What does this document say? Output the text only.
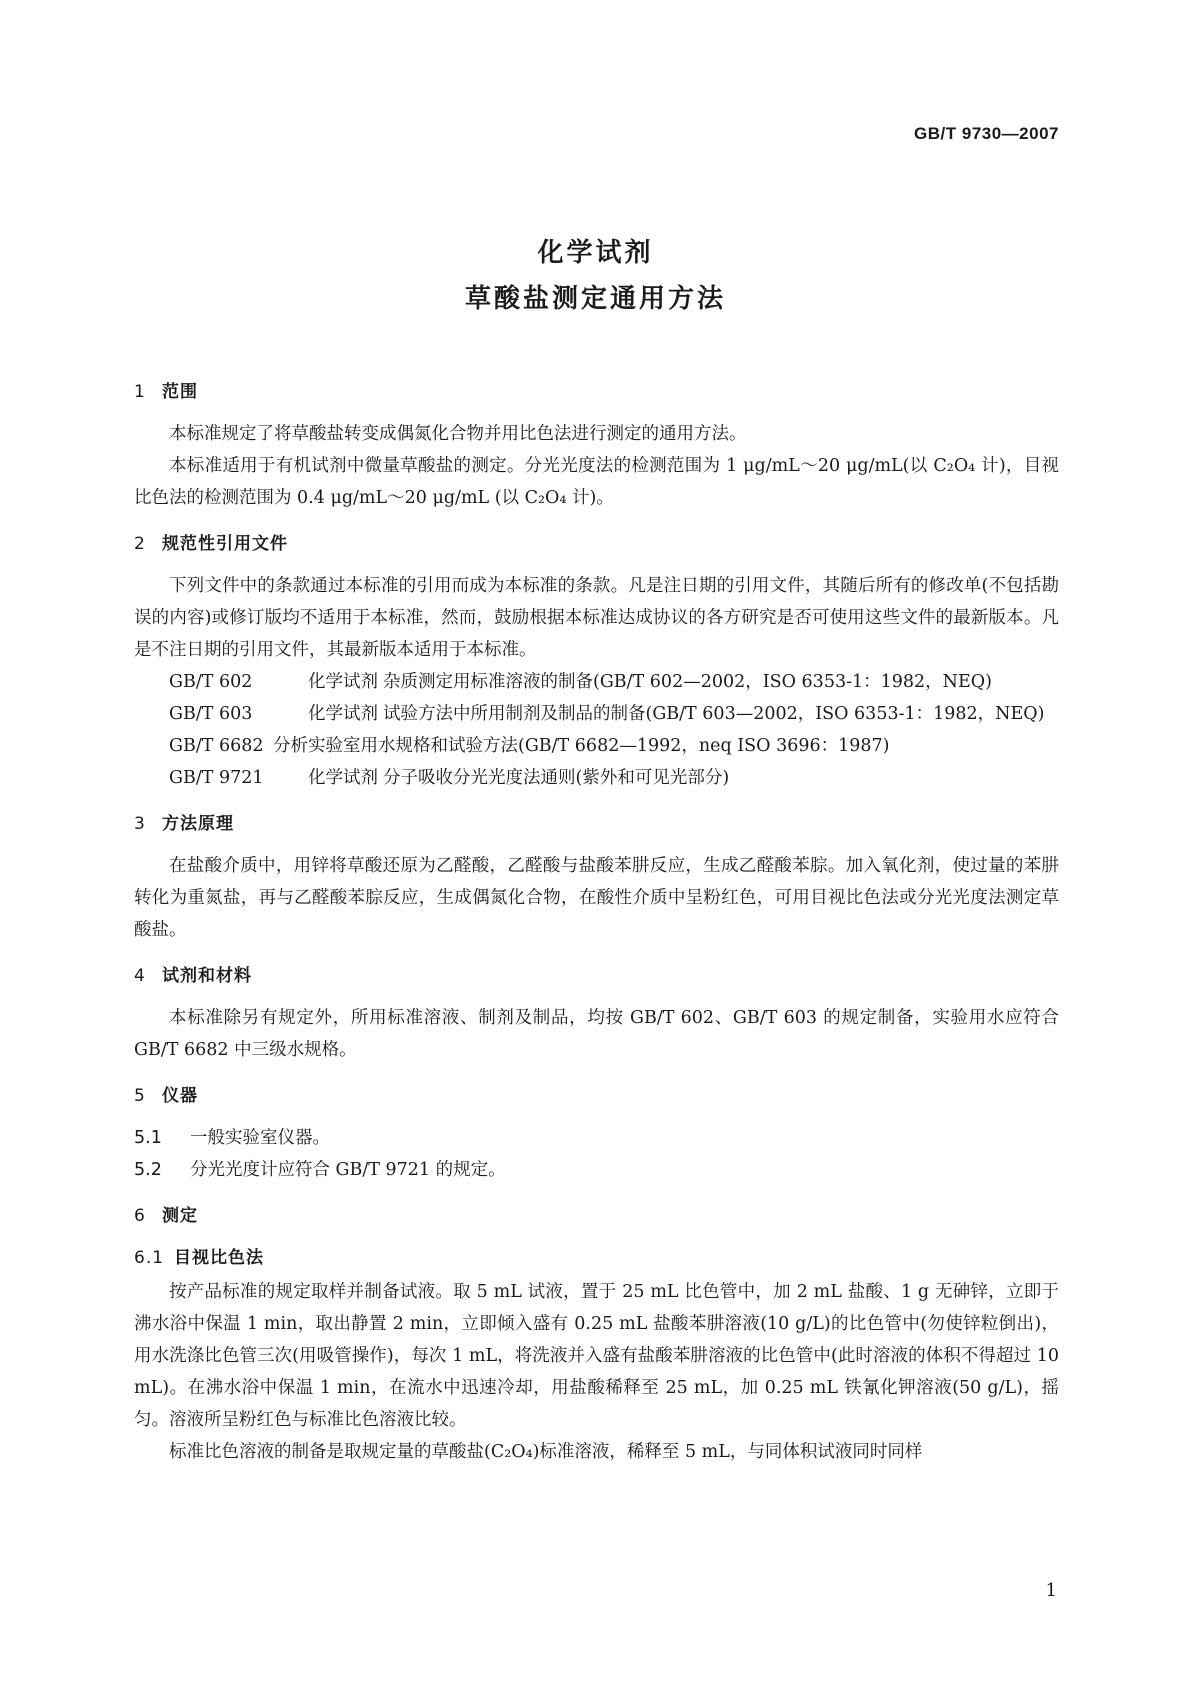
GB/T 9730—2007
化学试剂
草酸盐测定通用方法
1 范围

本标准规定了将草酸盐转变成偶氮化合物并用比色法进行测定的通用方法。

本标准适用于有机试剂中微量草酸盐的测定。分光光度法的检测范围为 1 μg/mL～20 μg/mL(以 C₂O₄ 计)，目视比色法的检测范围为 0.4 μg/mL～20 μg/mL (以 C₂O₄ 计)。

2 规范性引用文件

下列文件中的条款通过本标准的引用而成为本标准的条款。凡是注日期的引用文件，其随后所有的修改单(不包括勘误的内容)或修订版均不适用于本标准，然而，鼓励根据本标准达成协议的各方研究是否可使用这些文件的最新版本。凡是不注日期的引用文件，其最新版本适用于本标准。

GB/T 602	化学试剂 杂质测定用标准溶液的制备(GB/T 602—2002，ISO 6353-1：1982，NEQ)

GB/T 603	化学试剂 试验方法中所用制剂及制品的制备(GB/T 603—2002，ISO 6353-1：1982，NEQ)

GB/T 6682 分析实验室用水规格和试验方法(GB/T 6682—1992，neq ISO 3696：1987)

GB/T 9721	化学试剂 分子吸收分光光度法通则(紫外和可见光部分)

3 方法原理

在盐酸介质中，用锌将草酸还原为乙醛酸，乙醛酸与盐酸苯肼反应，生成乙醛酸苯腙。加入氧化剂，使过量的苯肼转化为重氮盐，再与乙醛酸苯腙反应，生成偶氮化合物，在酸性介质中呈粉红色，可用目视比色法或分光光度法测定草酸盐。

4 试剂和材料

本标准除另有规定外，所用标准溶液、制剂及制品，均按 GB/T 602、GB/T 603 的规定制备，实验用水应符合 GB/T 6682 中三级水规格。

5 仪器

5.1 一般实验室仪器。

5.2 分光光度计应符合 GB/T 9721 的规定。

6 测定
6.1 目视比色法

按产品标准的规定取样并制备试液。取 5 mL 试液，置于 25 mL 比色管中，加 2 mL 盐酸、1 g 无砷锌，立即于沸水浴中保温 1 min，取出静置 2 min，立即倾入盛有 0.25 mL 盐酸苯肼溶液(10 g/L)的比色管中(勿使锌粒倒出)，用水洗涤比色管三次(用吸管操作)，每次 1 mL，将洗液并入盛有盐酸苯肼溶液的比色管中(此时溶液的体积不得超过 10 mL)。在沸水浴中保温 1 min，在流水中迅速冷却，用盐酸稀释至 25 mL，加 0.25 mL 铁氰化钾溶液(50 g/L)，摇匀。溶液所呈粉红色与标准比色溶液比较。

标准比色溶液的制备是取规定量的草酸盐(C₂O₄)标准溶液，稀释至 5 mL，与同体积试液同时同样

1
